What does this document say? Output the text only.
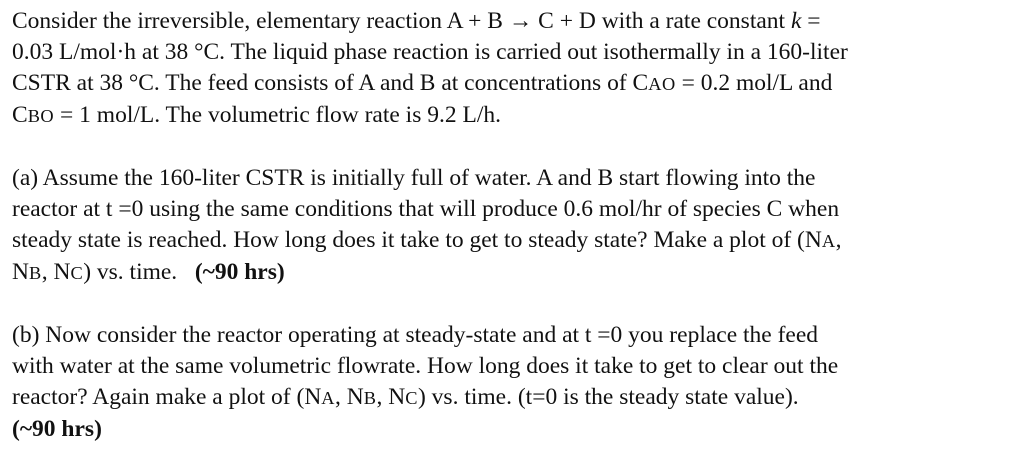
Consider the irreversible, elementary reaction A + B → C + D with a rate constant k =
0.03 L/mol·h at 38 °C. The liquid phase reaction is carried out isothermally in a 160-liter
CSTR at 38 °C. The feed consists of A and B at concentrations of CAO = 0.2 mol/L and
CBO = 1 mol/L. The volumetric flow rate is 9.2 L/h.

(a) Assume the 160-liter CSTR is initially full of water. A and B start flowing into the
reactor at t =0 using the same conditions that will produce 0.6 mol/hr of species C when
steady state is reached. How long does it take to get to steady state? Make a plot of (NA,
NB, NC) vs. time.   (~90 hrs)

(b) Now consider the reactor operating at steady-state and at t =0 you replace the feed
with water at the same volumetric flowrate. How long does it take to get to clear out the
reactor? Again make a plot of (NA, NB, NC) vs. time. (t=0 is the steady state value).
(~90 hrs)
